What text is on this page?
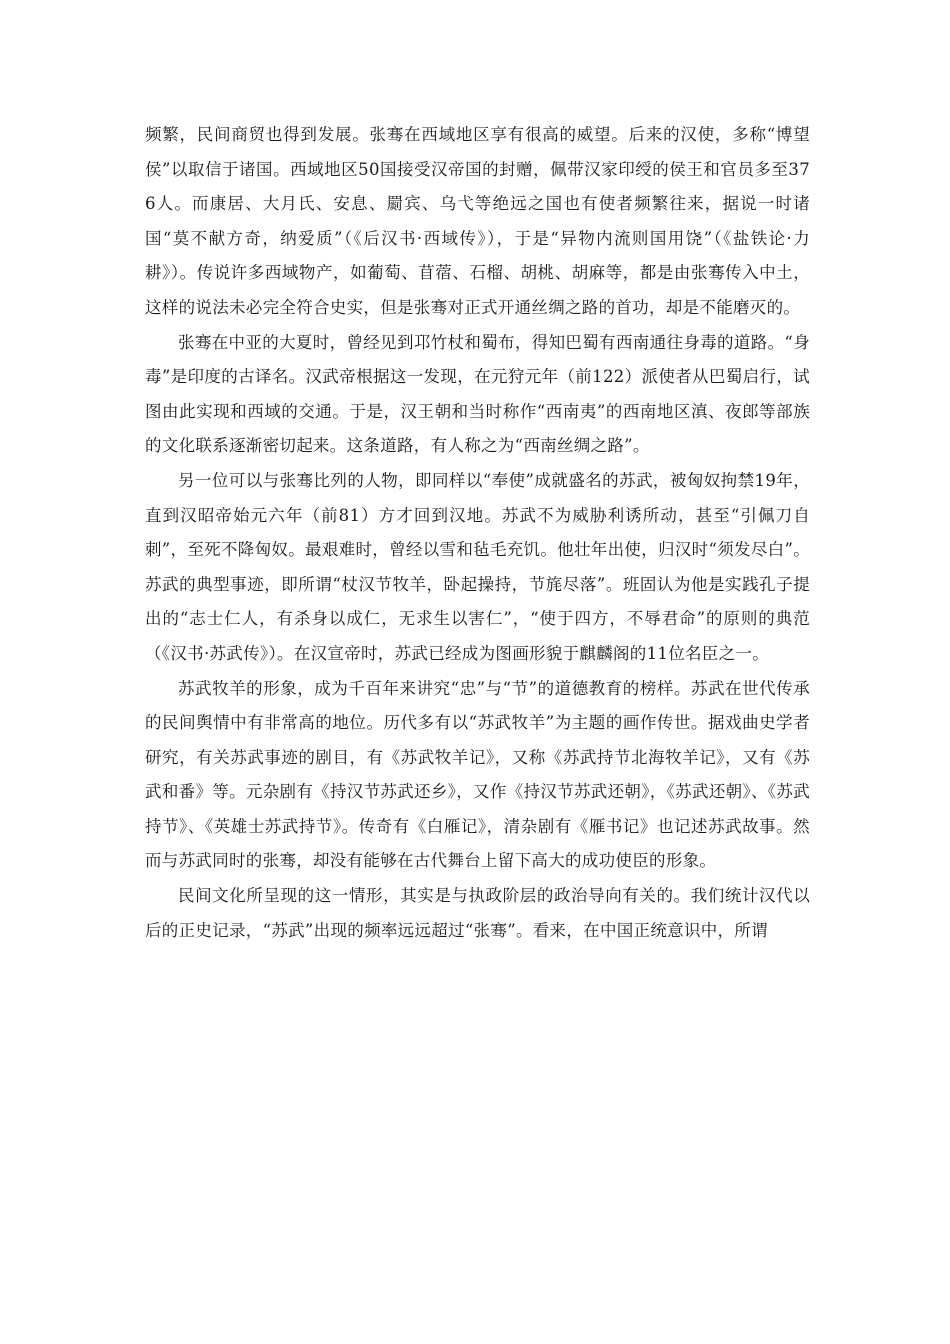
频繁，民间商贸也得到发展。张骞在西域地区享有很高的威望。后来的汉使，多称“博望侯”以取信于诸国。西域地区50国接受汉帝国的封赠，佩带汉家印绶的侯王和官员多至376人。而康居、大月氏、安息、罽宾、乌弋等绝远之国也有使者频繁往来，据说一时诸国“莫不献方奇，纳爱质”（《后汉书·西域传》），于是“异物内流则国用饶”（《盐铁论·力耕》）。传说许多西域物产，如葡萄、苜蓿、石榴、胡桃、胡麻等，都是由张骞传入中土，这样的说法未必完全符合史实，但是张骞对正式开通丝绸之路的首功，却是不能磨灭的。

张骞在中亚的大夏时，曾经见到邛竹杖和蜀布，得知巴蜀有西南通往身毒的道路。“身毒”是印度的古译名。汉武帝根据这一发现，在元狩元年（前122）派使者从巴蜀启行，试图由此实现和西域的交通。于是，汉王朝和当时称作“西南夷”的西南地区滇、夜郎等部族的文化联系逐渐密切起来。这条道路，有人称之为“西南丝绸之路”。

另一位可以与张骞比列的人物，即同样以“奉使”成就盛名的苏武，被匈奴拘禁19年，直到汉昭帝始元六年（前81）方才回到汉地。苏武不为威胁利诱所动，甚至“引佩刀自刺”，至死不降匈奴。最艰难时，曾经以雪和毡毛充饥。他壮年出使，归汉时“须发尽白”。苏武的典型事迹，即所谓“杖汉节牧羊，卧起操持，节旄尽落”。班固认为他是实践孔子提出的“志士仁人，有杀身以成仁，无求生以害仁”，“使于四方，不辱君命”的原则的典范（《汉书·苏武传》）。在汉宣帝时，苏武已经成为图画形貌于麒麟阁的11位名臣之一。

苏武牧羊的形象，成为千百年来讲究“忠”与“节”的道德教育的榜样。苏武在世代传承的民间舆情中有非常高的地位。历代多有以“苏武牧羊”为主题的画作传世。据戏曲史学者研究，有关苏武事迹的剧目，有《苏武牧羊记》，又称《苏武持节北海牧羊记》，又有《苏武和番》等。元杂剧有《持汉节苏武还乡》，又作《持汉节苏武还朝》，《苏武还朝》、《苏武持节》、《英雄士苏武持节》。传奇有《白雁记》，清杂剧有《雁书记》也记述苏武故事。然而与苏武同时的张骞，却没有能够在古代舞台上留下高大的成功使臣的形象。

民间文化所呈现的这一情形，其实是与执政阶层的政治导向有关的。我们统计汉代以后的正史记录，“苏武”出现的频率远远超过“张骞”。看来，在中国正统意识中，所谓
